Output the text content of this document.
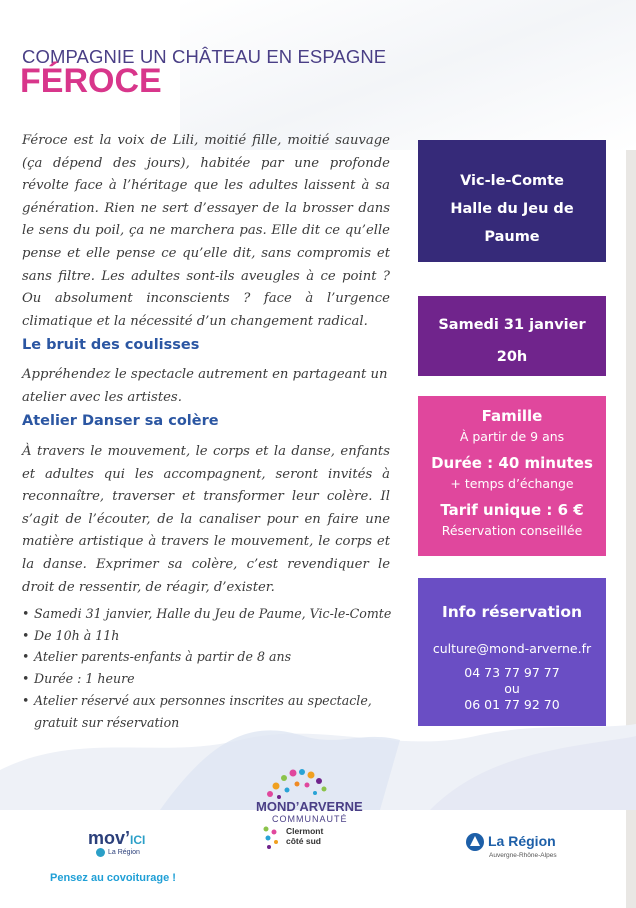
COMPAGNIE UN CHÂTEAU EN ESPAGNE
FÉROCE
Féroce est la voix de Lili, moitié fille, moitié sauvage (ça dépend des jours), habitée par une profonde révolte face à l’héritage que les adultes laissent à sa génération. Rien ne sert d’essayer de la brosser dans le sens du poil, ça ne marchera pas. Elle dit ce qu’elle pense et elle pense ce qu’elle dit, sans compromis et sans filtre. Les adultes sont-ils aveugles à ce point ? Ou absolument inconscients ? face à l’urgence climatique et la nécessité d’un changement radical.
Le bruit des coulisses
Appréhendez le spectacle autrement en partageant un atelier avec les artistes.
Atelier Danser sa colère
À travers le mouvement, le corps et la danse, enfants et adultes qui les accompagnent, seront invités à reconnaître, traverser et transformer leur colère. Il s’agit de l’écouter, de la canaliser pour en faire une matière artistique à travers le mouvement, le corps et la danse. Exprimer sa colère, c’est revendiquer le droit de ressentir, de réagir, d’exister.
• Samedi 31 janvier, Halle du Jeu de Paume, Vic-le-Comte
• De 10h à 11h
• Atelier parents-enfants à partir de 8 ans
• Durée : 1 heure
• Atelier réservé aux personnes inscrites au spectacle, gratuit sur réservation
Vic-le-Comte
Halle du Jeu de
Paume
Samedi 31 janvier
20h
Famille
À partir de 9 ans
Durée : 40 minutes
+ temps d’échange
Tarif unique : 6 €
Réservation conseillée
Info réservation
culture@mond-arverne.fr
04 73 77 97 77
ou
06 01 77 92 70
MOND’ARVERNE
COMMUNAUTÉ
Clermont
côté sud
mov’ICI
La Région
Pensez au covoiturage !
La Région
Auvergne-Rhône-Alpes
